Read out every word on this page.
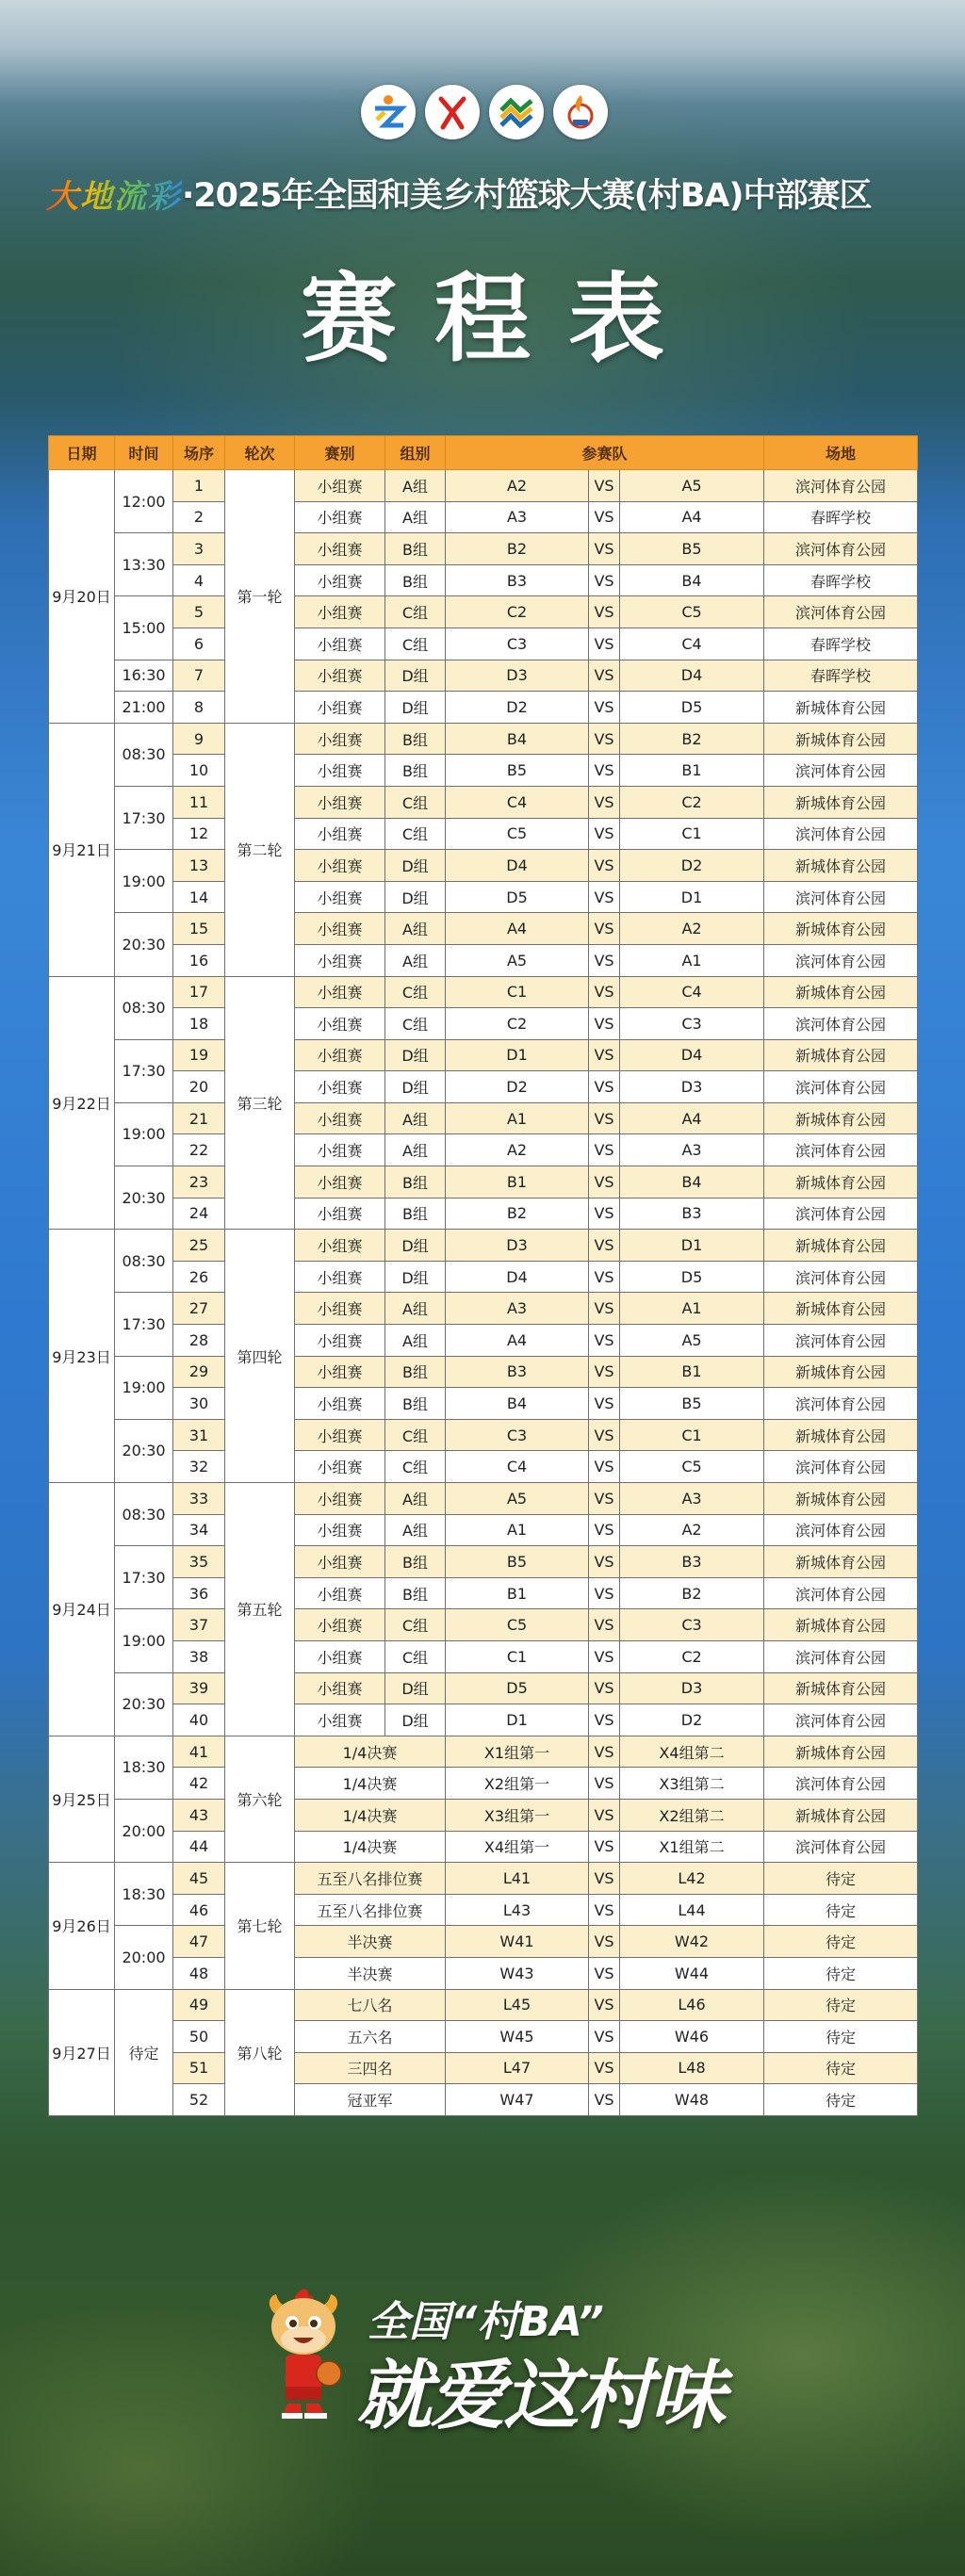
大地流彩 ·2025年全国和美乡村篮球大赛(村BA)中部赛区
赛程表
日期	时间	场序	轮次	赛别	组别	参赛队			场地
9月20日	12:00	1	第一轮	小组赛	A组	A2	VS	A5	滨河体育公园
		2		小组赛	A组	A3	VS	A4	春晖学校
	13:30	3		小组赛	B组	B2	VS	B5	滨河体育公园
		4		小组赛	B组	B3	VS	B4	春晖学校
	15:00	5		小组赛	C组	C2	VS	C5	滨河体育公园
		6		小组赛	C组	C3	VS	C4	春晖学校
	16:30	7		小组赛	D组	D3	VS	D4	春晖学校
	21:00	8		小组赛	D组	D2	VS	D5	新城体育公园
9月21日	08:30	9	第二轮	小组赛	B组	B4	VS	B2	新城体育公园
		10		小组赛	B组	B5	VS	B1	滨河体育公园
	17:30	11		小组赛	C组	C4	VS	C2	新城体育公园
		12		小组赛	C组	C5	VS	C1	滨河体育公园
	19:00	13		小组赛	D组	D4	VS	D2	新城体育公园
		14		小组赛	D组	D5	VS	D1	滨河体育公园
	20:30	15		小组赛	A组	A4	VS	A2	新城体育公园
		16		小组赛	A组	A5	VS	A1	滨河体育公园
9月22日	08:30	17	第三轮	小组赛	C组	C1	VS	C4	新城体育公园
		18		小组赛	C组	C2	VS	C3	滨河体育公园
	17:30	19		小组赛	D组	D1	VS	D4	新城体育公园
		20		小组赛	D组	D2	VS	D3	滨河体育公园
	19:00	21		小组赛	A组	A1	VS	A4	新城体育公园
		22		小组赛	A组	A2	VS	A3	滨河体育公园
	20:30	23		小组赛	B组	B1	VS	B4	新城体育公园
		24		小组赛	B组	B2	VS	B3	滨河体育公园
9月23日	08:30	25	第四轮	小组赛	D组	D3	VS	D1	新城体育公园
		26		小组赛	D组	D4	VS	D5	滨河体育公园
	17:30	27		小组赛	A组	A3	VS	A1	新城体育公园
		28		小组赛	A组	A4	VS	A5	滨河体育公园
	19:00	29		小组赛	B组	B3	VS	B1	新城体育公园
		30		小组赛	B组	B4	VS	B5	滨河体育公园
	20:30	31		小组赛	C组	C3	VS	C1	新城体育公园
		32		小组赛	C组	C4	VS	C5	滨河体育公园
9月24日	08:30	33	第五轮	小组赛	A组	A5	VS	A3	新城体育公园
		34		小组赛	A组	A1	VS	A2	滨河体育公园
	17:30	35		小组赛	B组	B5	VS	B3	新城体育公园
		36		小组赛	B组	B1	VS	B2	滨河体育公园
	19:00	37		小组赛	C组	C5	VS	C3	新城体育公园
		38		小组赛	C组	C1	VS	C2	滨河体育公园
	20:30	39		小组赛	D组	D5	VS	D3	新城体育公园
		40		小组赛	D组	D1	VS	D2	滨河体育公园
9月25日	18:30	41	第六轮	1/4决赛		X1组第一	VS	X4组第二	新城体育公园
		42		1/4决赛		X2组第一	VS	X3组第二	滨河体育公园
	20:00	43		1/4决赛		X3组第一	VS	X2组第二	新城体育公园
		44		1/4决赛		X4组第一	VS	X1组第二	滨河体育公园
9月26日	18:30	45	第七轮	五至八名排位赛		L41	VS	L42	待定
		46		五至八名排位赛		L43	VS	L44	待定
	20:00	47		半决赛		W41	VS	W42	待定
		48		半决赛		W43	VS	W44	待定
9月27日	待定	49	第八轮	七八名		L45	VS	L46	待定
		50		五六名		W45	VS	W46	待定
		51		三四名		L47	VS	L48	待定
		52		冠亚军		W47	VS	W48	待定
全国“村BA”
就爱这村味
